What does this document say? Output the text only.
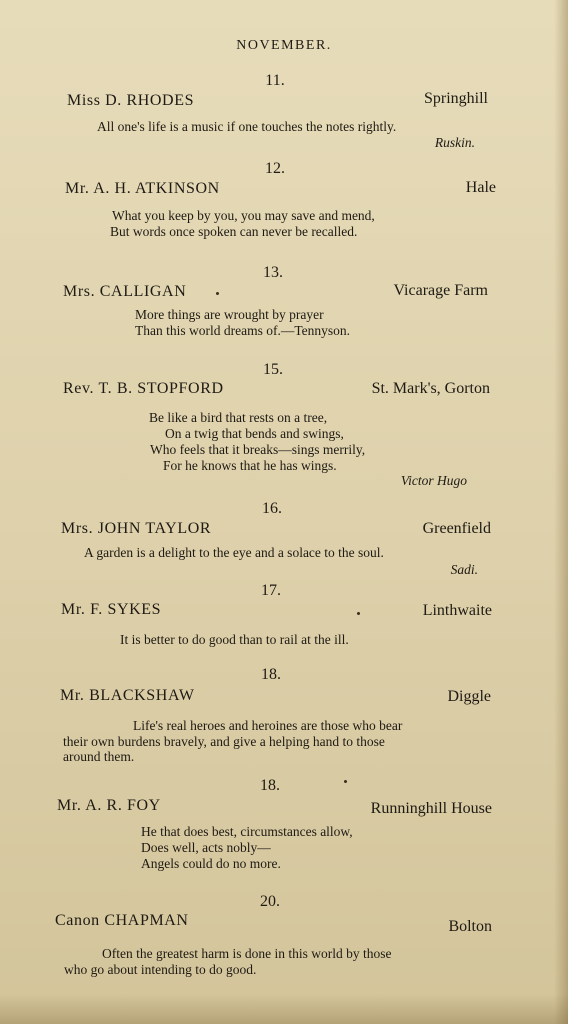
NOVEMBER.
11.
Miss D. RHODES	Springhill
All one's life is a music if one touches the notes rightly.
Ruskin.
12.
Mr. A. H. ATKINSON	Hale
What you keep by you, you may save and mend,
But words once spoken can never be recalled.
13.
Mrs. CALLIGAN	Vicarage Farm
More things are wrought by prayer
Than this world dreams of.—Tennyson.
15.
Rev. T. B. STOPFORD	St. Mark's, Gorton
Be like a bird that rests on a tree,
On a twig that bends and swings,
Who feels that it breaks—sings merrily,
For he knows that he has wings.
Victor Hugo
16.
Mrs. JOHN TAYLOR	Greenfield
A garden is a delight to the eye and a solace to the soul.
Sadi.
17.
Mr. F. SYKES	Linthwaite
It is better to do good than to rail at the ill.
18.
Mr. BLACKSHAW	Diggle
Life's real heroes and heroines are those who bear
their own burdens bravely, and give a helping hand to those
around them.
18.
Mr. A. R. FOY	Runninghill House
He that does best, circumstances allow,
Does well, acts nobly—
Angels could do no more.
20.
Canon CHAPMAN	Bolton
Often the greatest harm is done in this world by those
who go about intending to do good.
